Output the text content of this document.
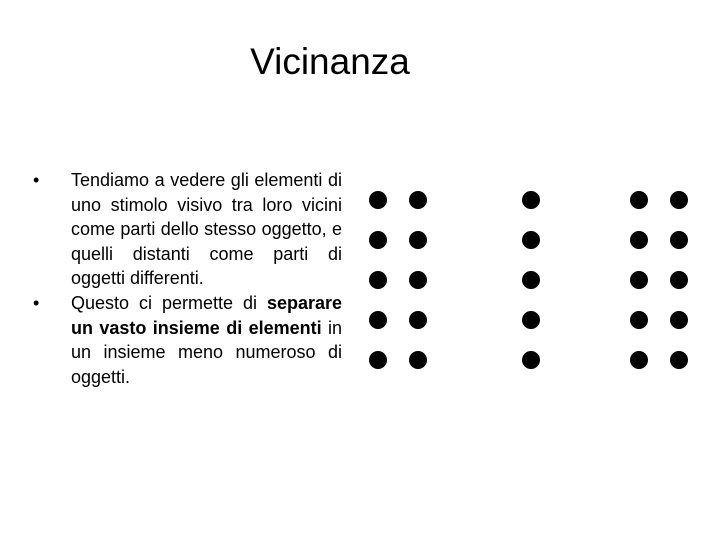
Vicinanza
• Tendiamo a vedere gli elementi di uno stimolo visivo tra loro vicini come parti dello stesso oggetto, e quelli distanti come parti di oggetti differenti.
• Questo ci permette di separare un vasto insieme di elementi in un insieme meno numeroso di oggetti.
